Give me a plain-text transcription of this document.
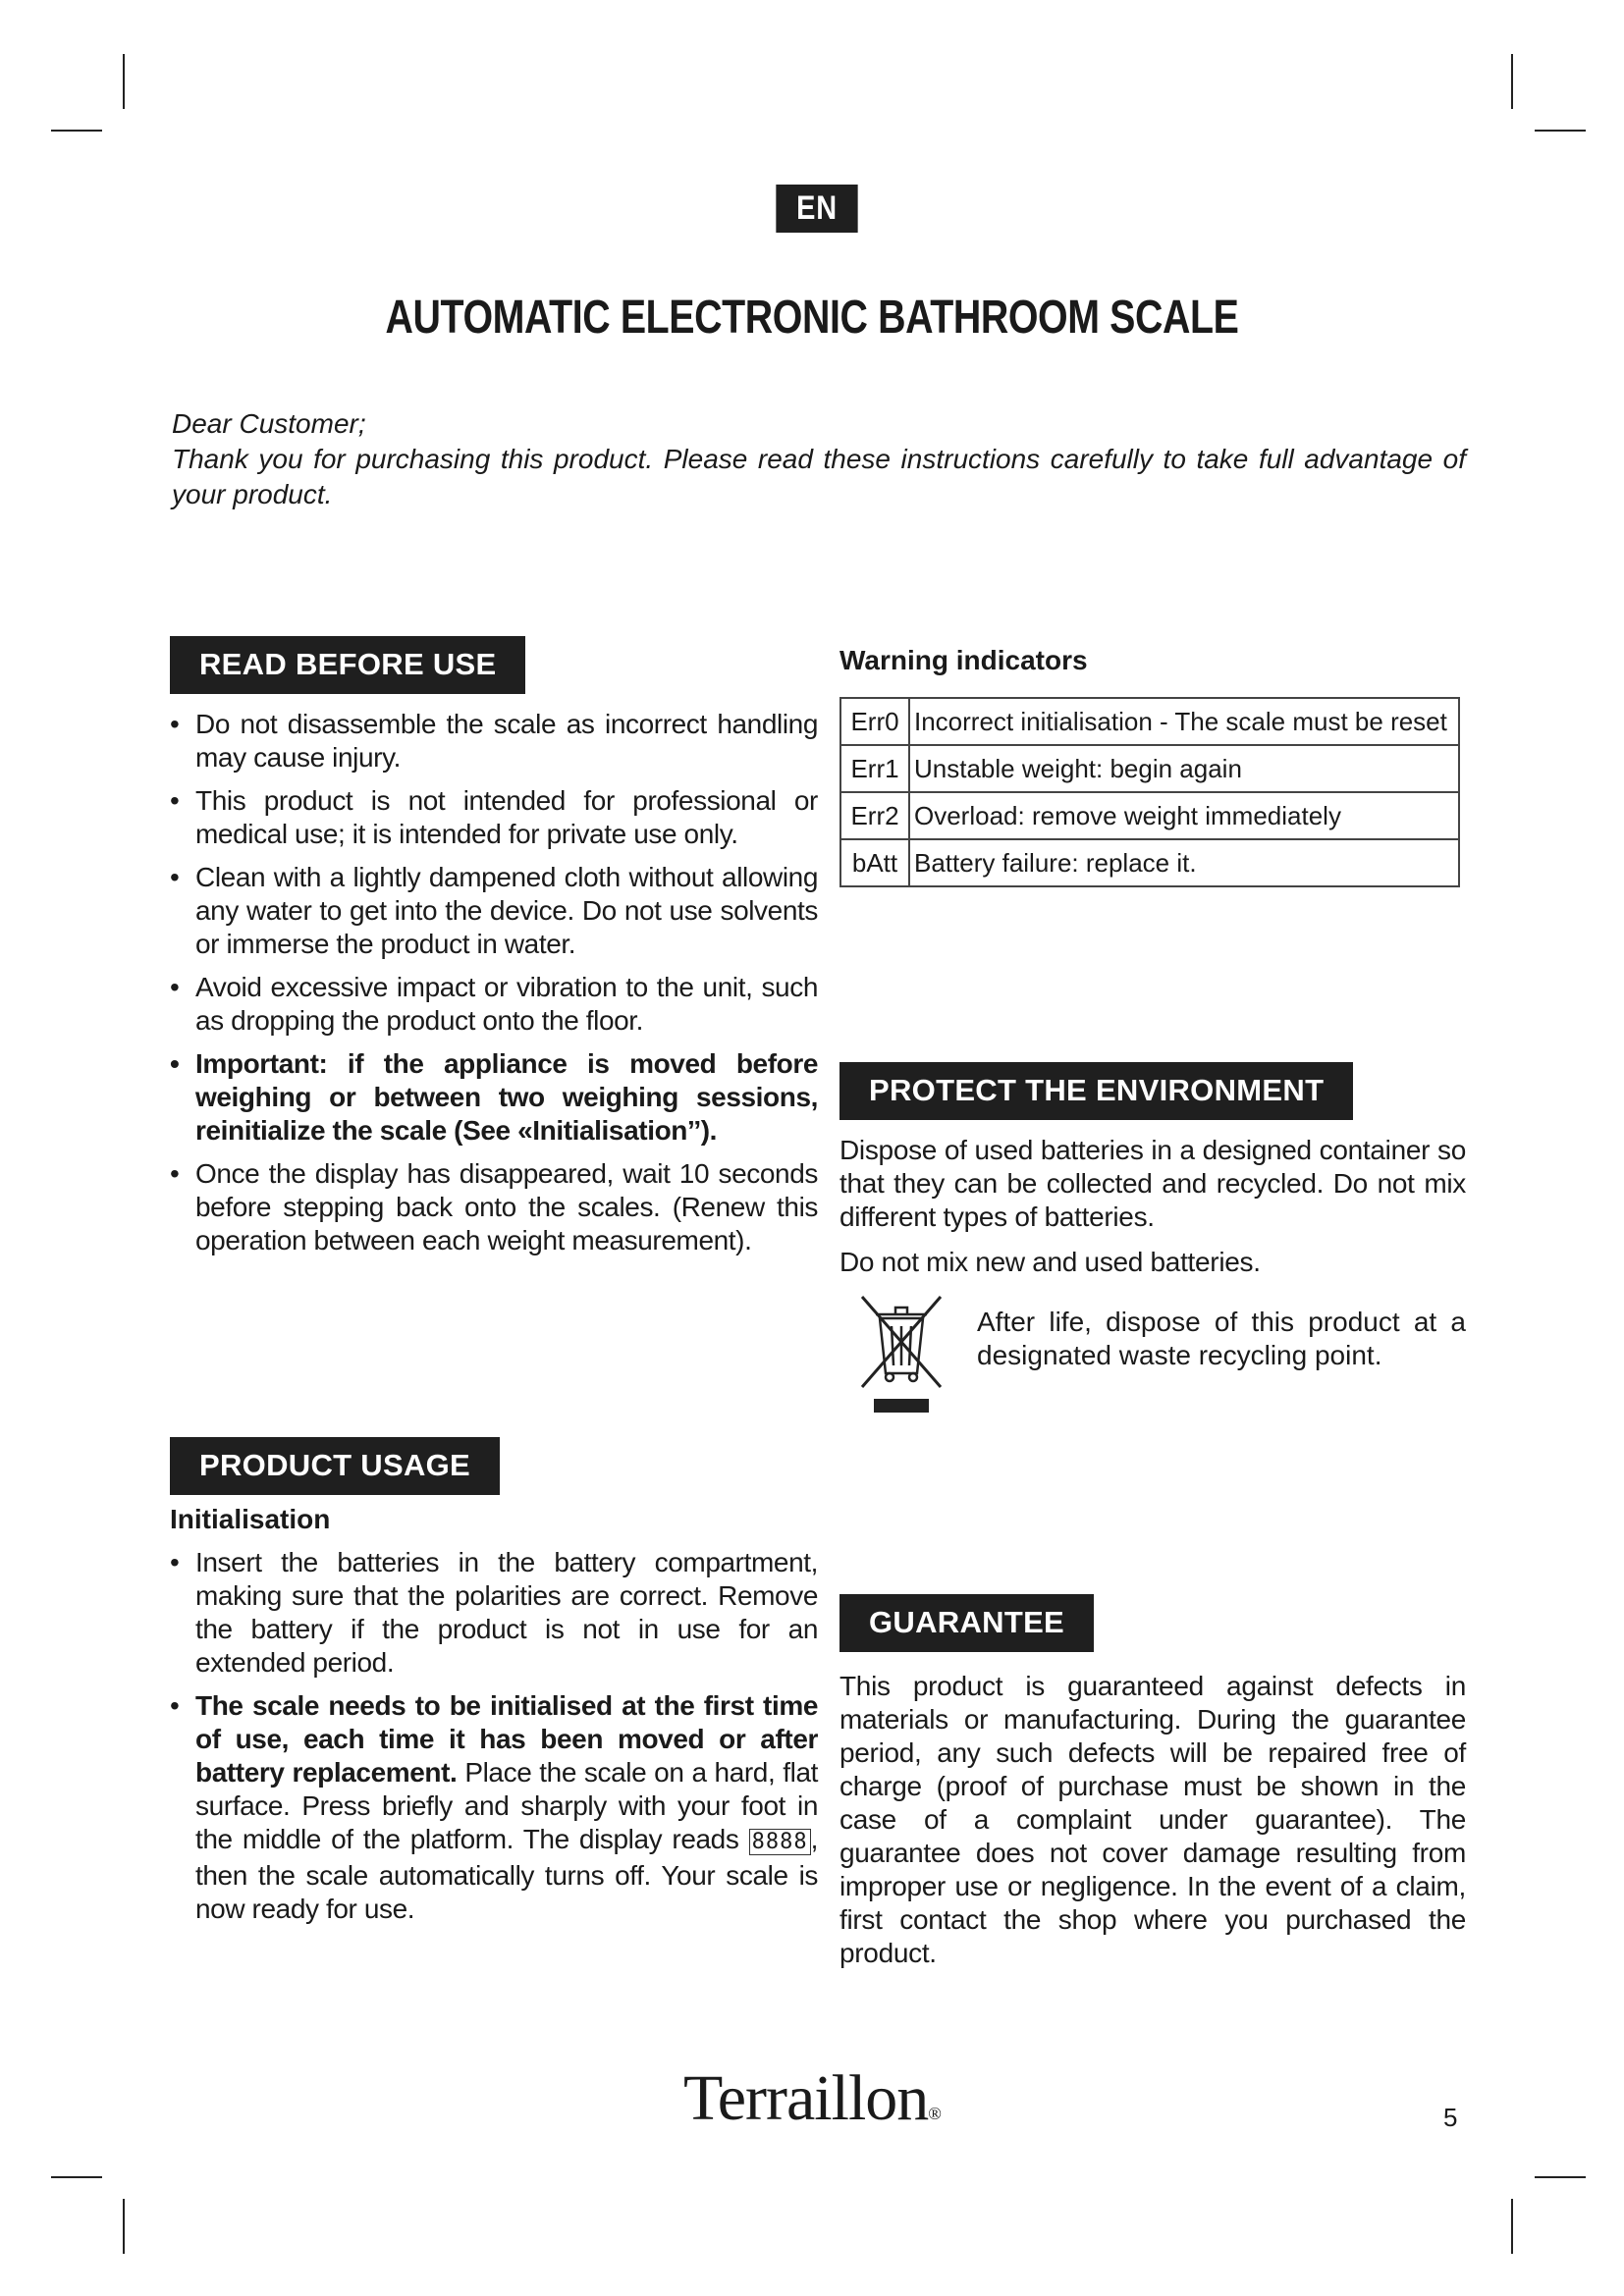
EN
AUTOMATIC ELECTRONIC BATHROOM SCALE

Dear Customer;

Thank you for purchasing this product. Please read these instructions carefully to take full advantage of your product.

READ BEFORE USE
• Do not disassemble the scale as incorrect handling may cause injury.
• This product is not intended for professional or medical use; it is intended for private use only.
• Clean with a lightly dampened cloth without allowing any water to get into the device. Do not use solvents or immerse the product in water.
• Avoid excessive impact or vibration to the unit, such as dropping the product onto the floor.
• Important: if the appliance is moved before weighing or between two weighing sessions, reinitialize the scale (See «Initialisation’’).
• Once the display has disappeared, wait 10 seconds before stepping back onto the scales. (Renew this operation between each weight measurement).
PRODUCT USAGE

Initialisation

• Insert the batteries in the battery compartment, making sure that the polarities are correct. Remove the battery if the product is not in use for an extended period.
• The scale needs to be initialised at the first time of use, each time it has been moved or after battery replacement. Place the scale on a hard, flat surface. Press briefly and sharply with your foot in the middle of the platform. The display reads 8888 , then the scale automatically turns off. Your scale is now ready for use.

Warning indicators

Err0	Incorrect initialisation - The scale must be reset
Err1	Unstable weight: begin again
Err2	Overload: remove weight immediately
bAtt	Battery failure: replace it.
PROTECT THE ENVIRONMENT

Dispose of used batteries in a designed container so that they can be collected and recycled. Do not mix different types of batteries.

Do not mix new and used batteries.

After life, dispose of this product at a designated waste recycling point.
GUARANTEE

This product is guaranteed against defects in materials or manufacturing. During the guarantee period, any such defects will be repaired free of charge (proof of purchase must be shown in the case of a complaint under guarantee). The guarantee does not cover damage resulting from improper use or negligence. In the event of a claim, first contact the shop where you purchased the product.

Terraillon®	5
